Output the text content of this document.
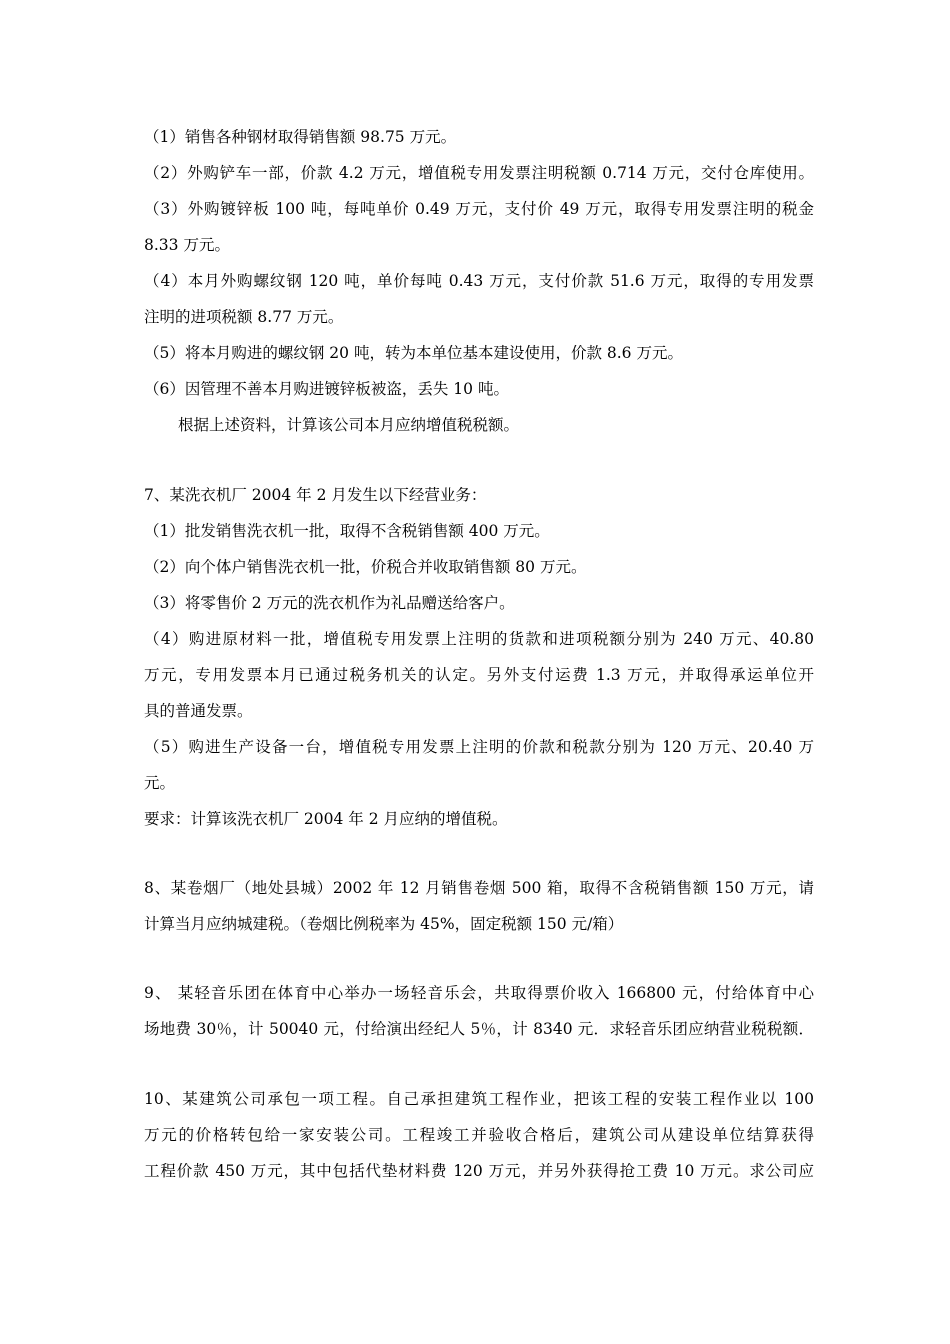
（1）销售各种钢材取得销售额 98.75 万元。
（2）外购铲车一部，价款 4.2 万元，增值税专用发票注明税额 0.714 万元，交付仓库使用。
（3）外购镀锌板 100 吨，每吨单价 0.49 万元，支付价 49 万元，取得专用发票注明的税金
8.33 万元。
（4）本月外购螺纹钢 120 吨，单价每吨 0.43 万元，支付价款 51.6 万元，取得的专用发票
注明的进项税额 8.77 万元。
（5）将本月购进的螺纹钢 20 吨，转为本单位基本建设使用，价款 8.6 万元。
（6）因管理不善本月购进镀锌板被盗，丢失 10 吨。
根据上述资料，计算该公司本月应纳增值税税额。
7、某洗衣机厂 2004 年 2 月发生以下经营业务：
（1）批发销售洗衣机一批，取得不含税销售额 400 万元。
（2）向个体户销售洗衣机一批，价税合并收取销售额 80 万元。
（3）将零售价 2 万元的洗衣机作为礼品赠送给客户。
（4）购进原材料一批，增值税专用发票上注明的货款和进项税额分别为 240 万元、40.80
万元，专用发票本月已通过税务机关的认定。另外支付运费 1.3 万元，并取得承运单位开
具的普通发票。
（5）购进生产设备一台，增值税专用发票上注明的价款和税款分别为 120 万元、20.40 万
元。
要求：计算该洗衣机厂 2004 年 2 月应纳的增值税。
8、某卷烟厂（地处县城）2002 年 12 月销售卷烟 500 箱，取得不含税销售额 150 万元，请
计算当月应纳城建税。（卷烟比例税率为 45%，固定税额 150 元/箱）
9、 某轻音乐团在体育中心举办一场轻音乐会，共取得票价收入 166800 元，付给体育中心
场地费 30％，计 50040 元，付给演出经纪人 5％，计 8340 元．求轻音乐团应纳营业税税额．
10、某建筑公司承包一项工程。自己承担建筑工程作业，把该工程的安装工程作业以 100
万元的价格转包给一家安装公司。工程竣工并验收合格后，建筑公司从建设单位结算获得
工程价款 450 万元，其中包括代垫材料费 120 万元，并另外获得抢工费 10 万元。求公司应
